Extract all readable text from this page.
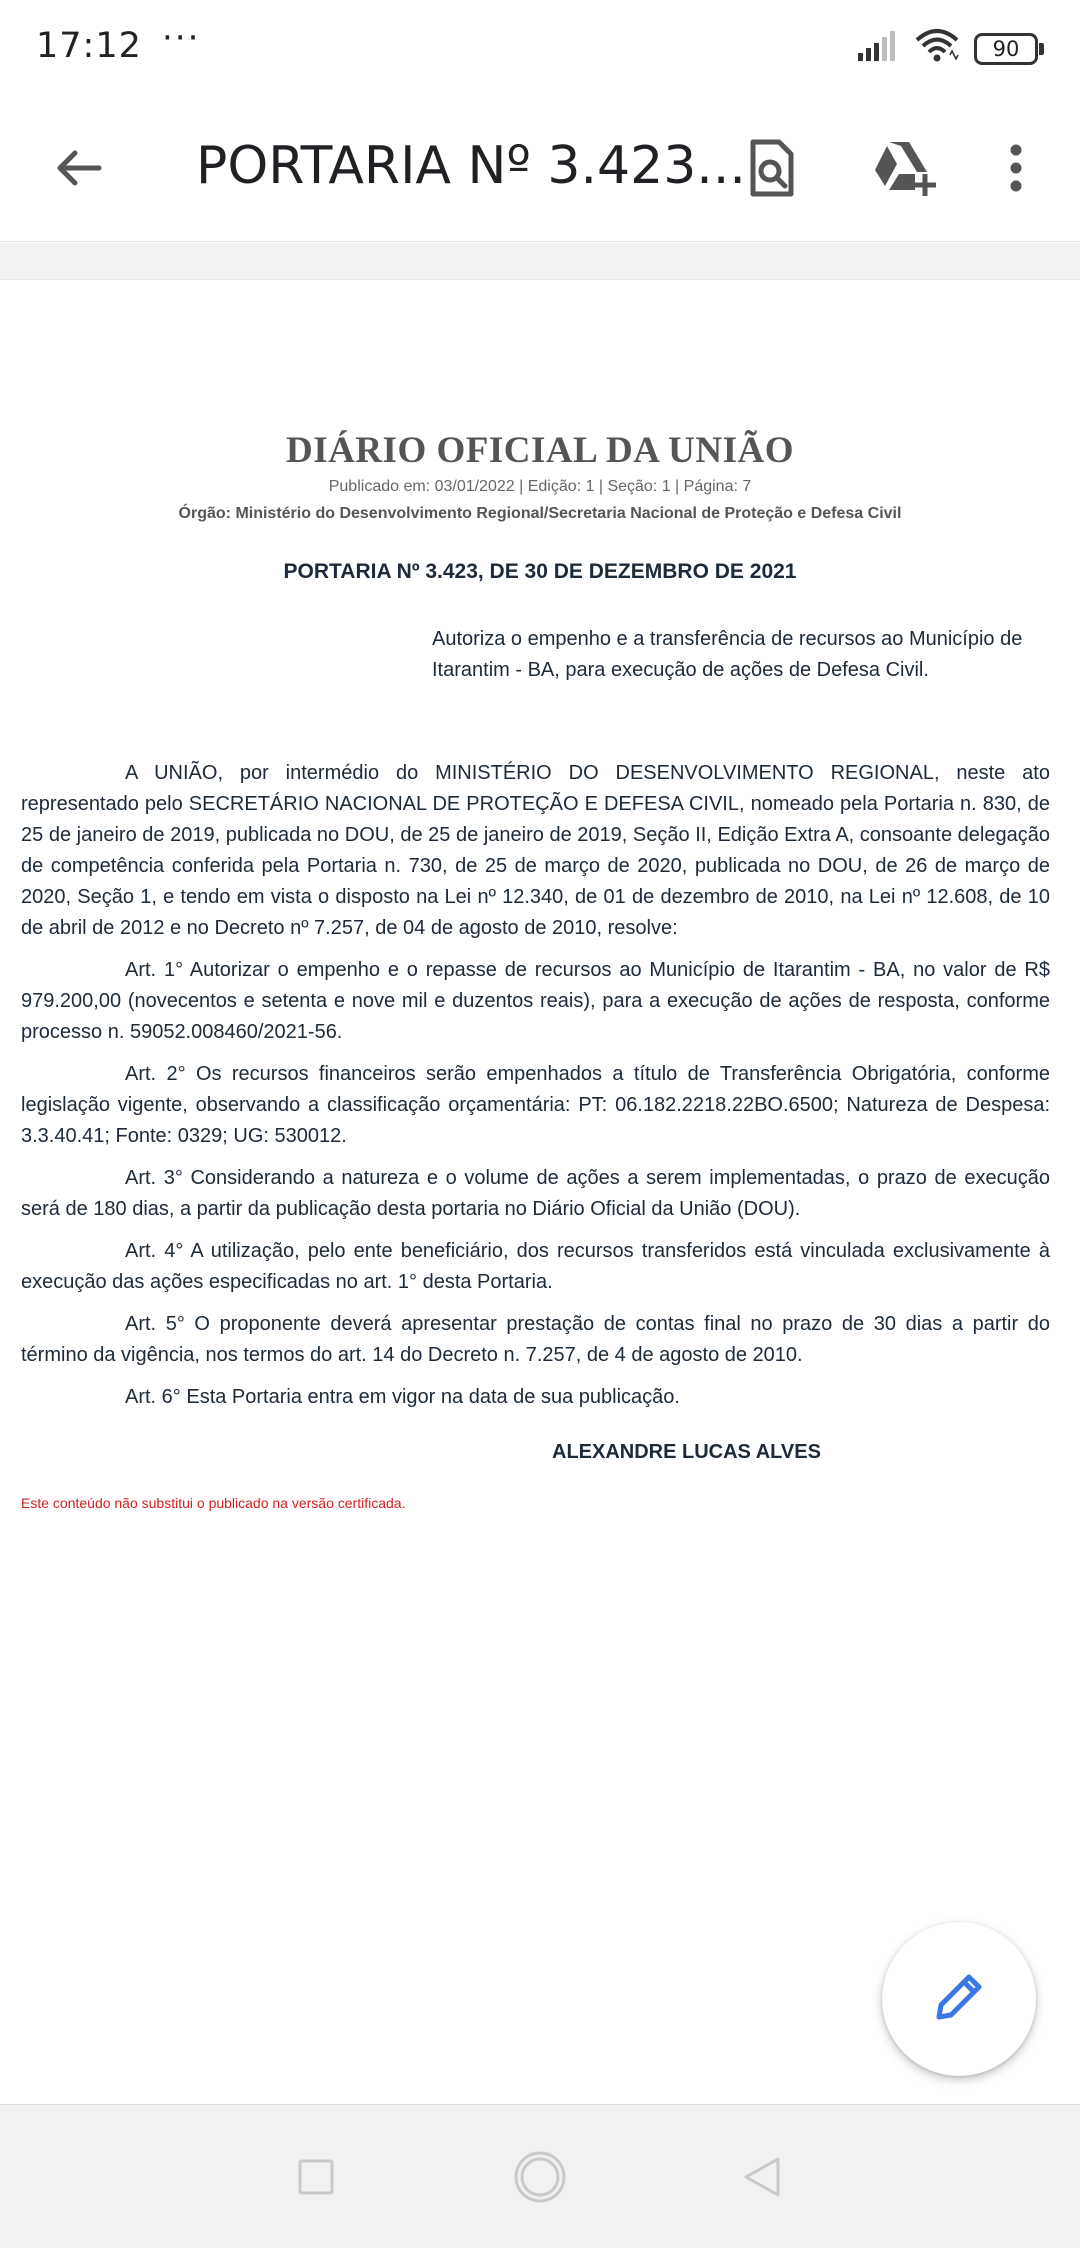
17:12 ···	90
PORTARIA Nº 3.423...
DIÁRIO OFICIAL DA UNIÃO
Publicado em: 03/01/2022 | Edição: 1 | Seção: 1 | Página: 7
Órgão: Ministério do Desenvolvimento Regional/Secretaria Nacional de Proteção e Defesa Civil
PORTARIA Nº 3.423, DE 30 DE DEZEMBRO DE 2021
Autoriza o empenho e a transferência de recursos ao Município de Itarantim - BA, para execução de ações de Defesa Civil.

A UNIÃO, por intermédio do MINISTÉRIO DO DESENVOLVIMENTO REGIONAL, neste ato representado pelo SECRETÁRIO NACIONAL DE PROTEÇÃO E DEFESA CIVIL, nomeado pela Portaria n. 830, de 25 de janeiro de 2019, publicada no DOU, de 25 de janeiro de 2019, Seção II, Edição Extra A, consoante delegação de competência conferida pela Portaria n. 730, de 25 de março de 2020, publicada no DOU, de 26 de março de 2020, Seção 1, e tendo em vista o disposto na Lei nº 12.340, de 01 de dezembro de 2010, na Lei nº 12.608, de 10 de abril de 2012 e no Decreto nº 7.257, de 04 de agosto de 2010, resolve:

Art. 1° Autorizar o empenho e o repasse de recursos ao Município de Itarantim - BA, no valor de R$ 979.200,00 (novecentos e setenta e nove mil e duzentos reais), para a execução de ações de resposta, conforme processo n. 59052.008460/2021-56.

Art. 2° Os recursos financeiros serão empenhados a título de Transferência Obrigatória, conforme legislação vigente, observando a classificação orçamentária: PT: 06.182.2218.22BO.6500; Natureza de Despesa: 3.3.40.41; Fonte: 0329; UG: 530012.

Art. 3° Considerando a natureza e o volume de ações a serem implementadas, o prazo de execução será de 180 dias, a partir da publicação desta portaria no Diário Oficial da União (DOU).

Art. 4° A utilização, pelo ente beneficiário, dos recursos transferidos está vinculada exclusivamente à execução das ações especificadas no art. 1° desta Portaria.

Art. 5° O proponente deverá apresentar prestação de contas final no prazo de 30 dias a partir do término da vigência, nos termos do art. 14 do Decreto n. 7.257, de 4 de agosto de 2010.

Art. 6° Esta Portaria entra em vigor na data de sua publicação.

ALEXANDRE LUCAS ALVES
Este conteúdo não substitui o publicado na versão certificada.
